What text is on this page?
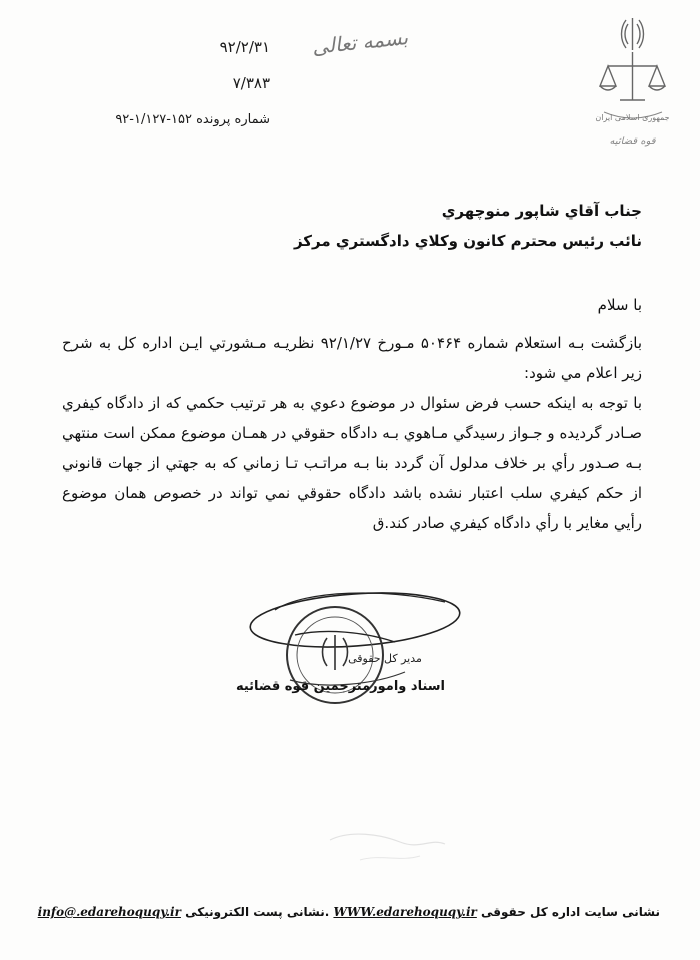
بسمه تعالی
۹۲/۲/۳۱
۷/۳۸۳
شماره پرونده ۱۵۲-۱/۱۲۷-۹۲	جمهوری اسلامی ایران
قوه قضائیه
جناب آقاي شاپور منوچهري
نائب رئيس محترم كانون وكلاي دادگستري مركز

با سلام

بازگشت بـه استعلام شماره ۵۰۴۶۴ مـورخ ۹۲/۱/۲۷ نظريـه مـشورتي ايـن اداره كل به شرح زير اعلام مي شود:

با توجه به اينكه حسب فرض سئوال در موضوع دعوي به هر ترتيب حكمي كه از دادگاه كيفري صـادر گرديده و جـواز رسيدگي مـاهوي بـه دادگاه حقوقي در همـان موضوع ممكن است منتهي بـه صـدور رأي بر خلاف مدلول آن گردد بنا بـه مراتـب تـا زماني كه به جهتي از جهات قانوني از حكم كيفري سلب اعتبار نشده باشد دادگاه حقوقي نمي تواند در خصوص همان موضوع رأيي مغاير با رأي دادگاه كيفري صادر كند.ق

مدیر کل حقوقی
اسناد وامورمترجمين قوه قضائيه
نشانی سایت اداره کل حقوقی WWW.edarehoquqy.ir .نشانی پست الکترونیکی info@.edarehoquqy.ir
